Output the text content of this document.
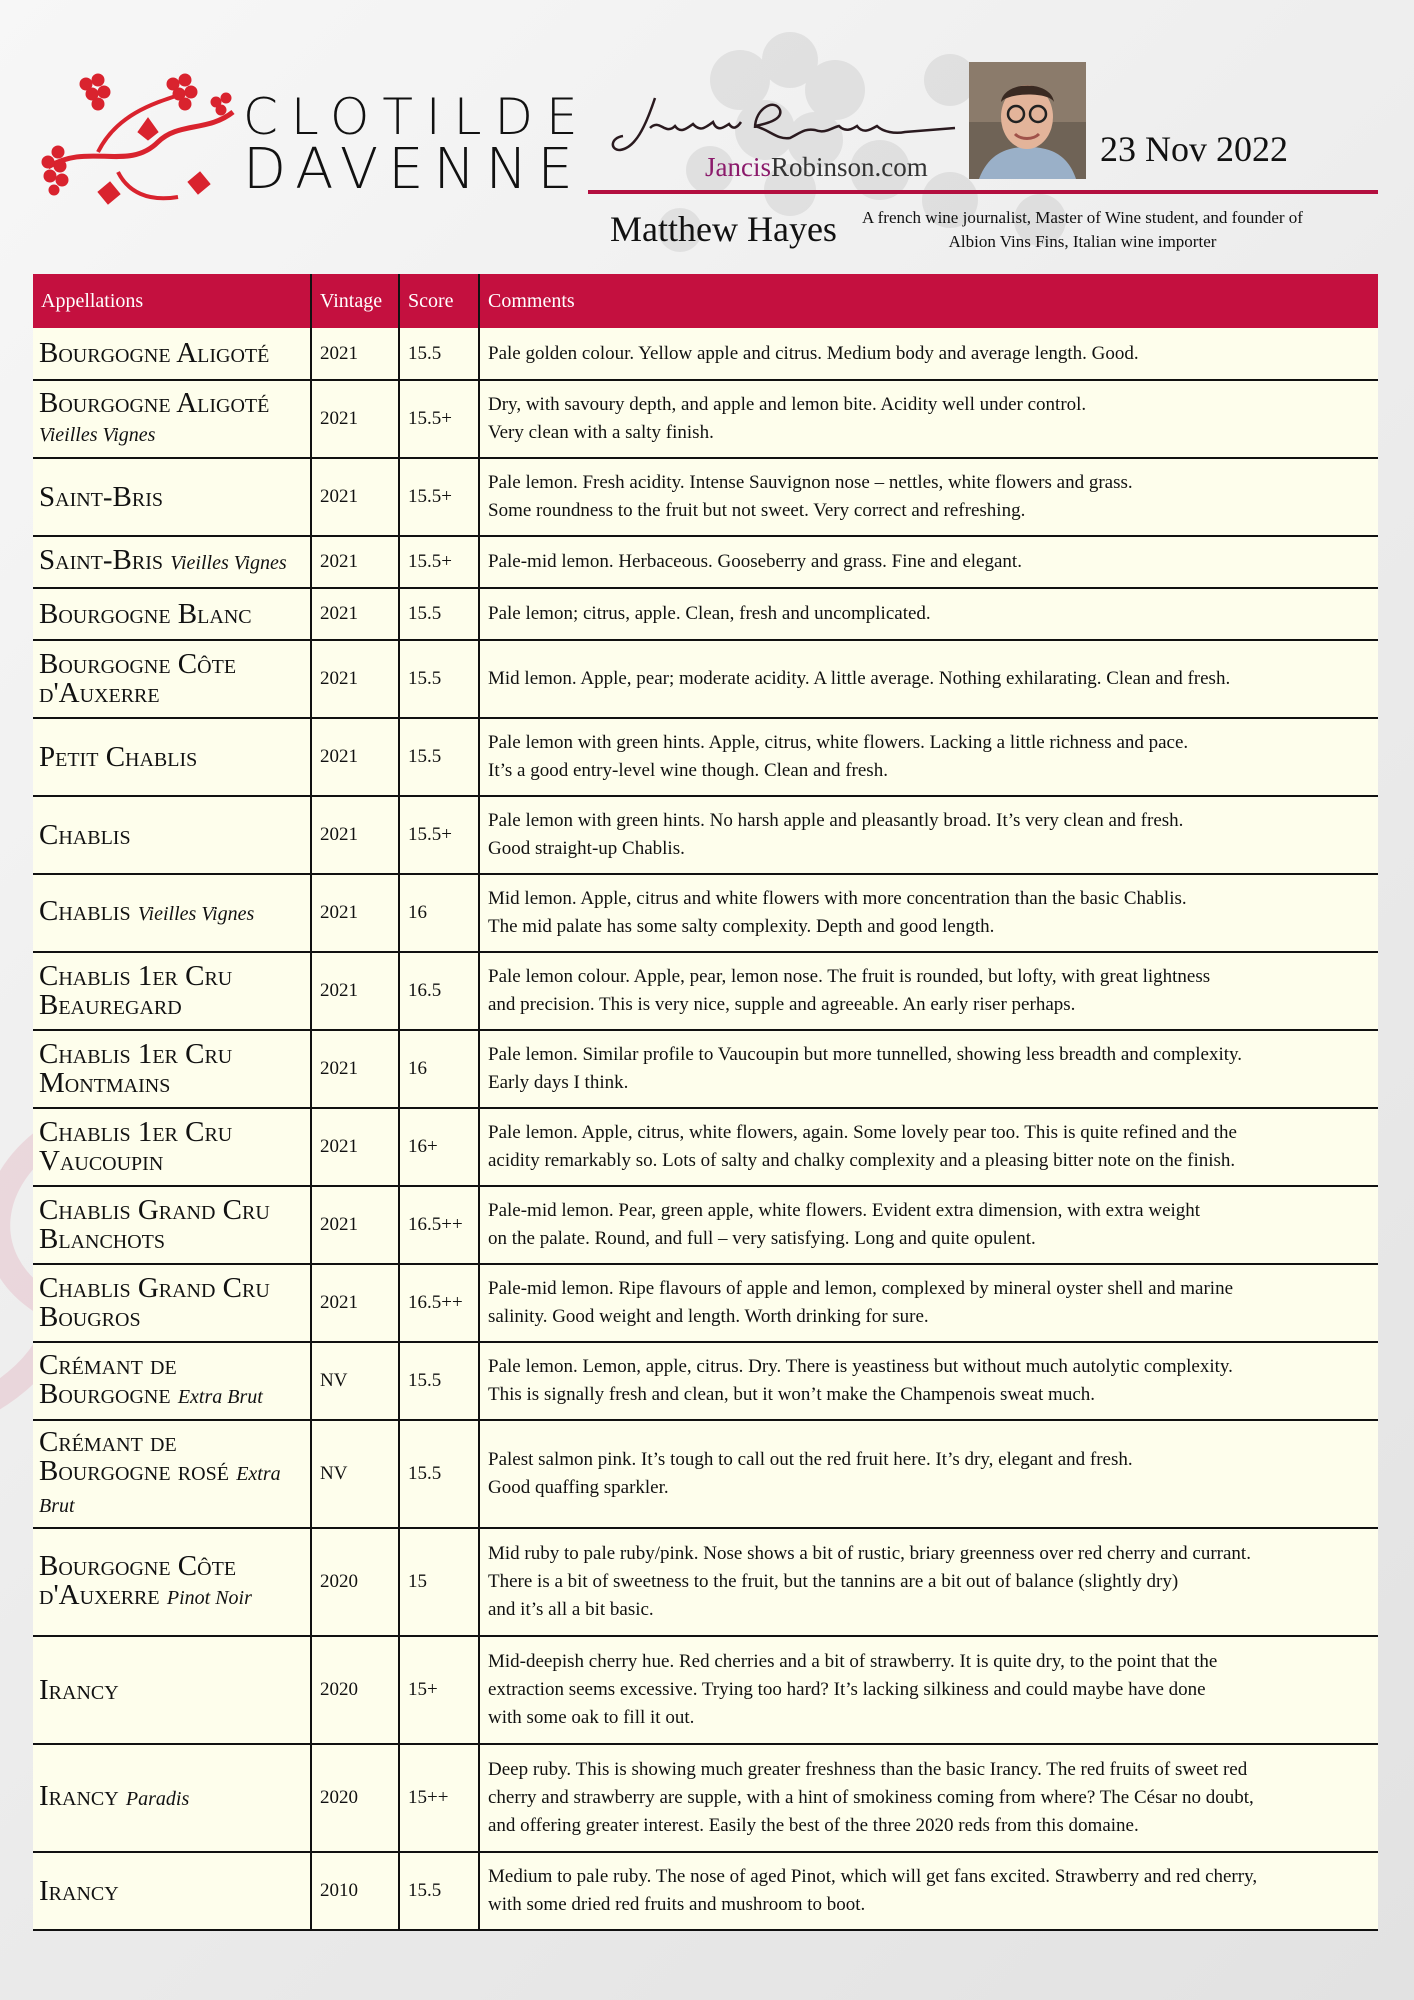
CLOTILDE
DAVENNE	JancisRobinson.com	23 Nov 2022
Matthew Hayes	A french wine journalist, Master of Wine student, and founder of Albion Vins Fins, Italian wine importer
Appellations	Vintage	Score	Comments
Bourgogne Aligoté	2021	15.5	Pale golden colour. Yellow apple and citrus. Medium body and average length. Good.
Bourgogne Aligoté Vieilles Vignes	2021	15.5+	Dry, with savoury depth, and apple and lemon bite. Acidity well under control.
Very clean with a salty finish.
Saint-Bris	2021	15.5+	Pale lemon. Fresh acidity. Intense Sauvignon nose – nettles, white flowers and grass.
Some roundness to the fruit but not sweet. Very correct and refreshing.
Saint-Bris Vieilles Vignes	2021	15.5+	Pale-mid lemon. Herbaceous. Gooseberry and grass. Fine and elegant.
Bourgogne Blanc	2021	15.5	Pale lemon; citrus, apple. Clean, fresh and uncomplicated.
Bourgogne Côte d'Auxerre	2021	15.5	Mid lemon. Apple, pear; moderate acidity. A little average. Nothing exhilarating. Clean and fresh.
Petit Chablis	2021	15.5	Pale lemon with green hints. Apple, citrus, white flowers. Lacking a little richness and pace.
It’s a good entry-level wine though. Clean and fresh.
Chablis	2021	15.5+	Pale lemon with green hints. No harsh apple and pleasantly broad. It’s very clean and fresh.
Good straight-up Chablis.
Chablis Vieilles Vignes	2021	16	Mid lemon. Apple, citrus and white flowers with more concentration than the basic Chablis.
The mid palate has some salty complexity. Depth and good length.
Chablis 1er Cru Beauregard	2021	16.5	Pale lemon colour. Apple, pear, lemon nose. The fruit is rounded, but lofty, with great lightness
and precision. This is very nice, supple and agreeable. An early riser perhaps.
Chablis 1er Cru Montmains	2021	16	Pale lemon. Similar profile to Vaucoupin but more tunnelled, showing less breadth and complexity.
Early days I think.
Chablis 1er Cru Vaucoupin	2021	16+	Pale lemon. Apple, citrus, white flowers, again. Some lovely pear too. This is quite refined and the
acidity remarkably so. Lots of salty and chalky complexity and a pleasing bitter note on the finish.
Chablis Grand Cru Blanchots	2021	16.5++	Pale-mid lemon. Pear, green apple, white flowers. Evident extra dimension, with extra weight
on the palate. Round, and full – very satisfying. Long and quite opulent.
Chablis Grand Cru Bougros	2021	16.5++	Pale-mid lemon. Ripe flavours of apple and lemon, complexed by mineral oyster shell and marine
salinity. Good weight and length. Worth drinking for sure.
Crémant de Bourgogne Extra Brut	NV	15.5	Pale lemon. Lemon, apple, citrus. Dry. There is yeastiness but without much autolytic complexity.
This is signally fresh and clean, but it won’t make the Champenois sweat much.
Crémant de Bourgogne rosé Extra Brut	NV	15.5	Palest salmon pink. It’s tough to call out the red fruit here. It’s dry, elegant and fresh.
Good quaffing sparkler.
Bourgogne Côte d'Auxerre Pinot Noir	2020	15	Mid ruby to pale ruby/pink. Nose shows a bit of rustic, briary greenness over red cherry and currant.
There is a bit of sweetness to the fruit, but the tannins are a bit out of balance (slightly dry)
and it’s all a bit basic.
Irancy	2020	15+	Mid-deepish cherry hue. Red cherries and a bit of strawberry. It is quite dry, to the point that the
extraction seems excessive. Trying too hard? It’s lacking silkiness and could maybe have done
with some oak to fill it out.
Irancy Paradis	2020	15++	Deep ruby. This is showing much greater freshness than the basic Irancy. The red fruits of sweet red
cherry and strawberry are supple, with a hint of smokiness coming from where? The César no doubt,
and offering greater interest. Easily the best of the three 2020 reds from this domaine.
Irancy	2010	15.5	Medium to pale ruby. The nose of aged Pinot, which will get fans excited. Strawberry and red cherry,
with some dried red fruits and mushroom to boot.
